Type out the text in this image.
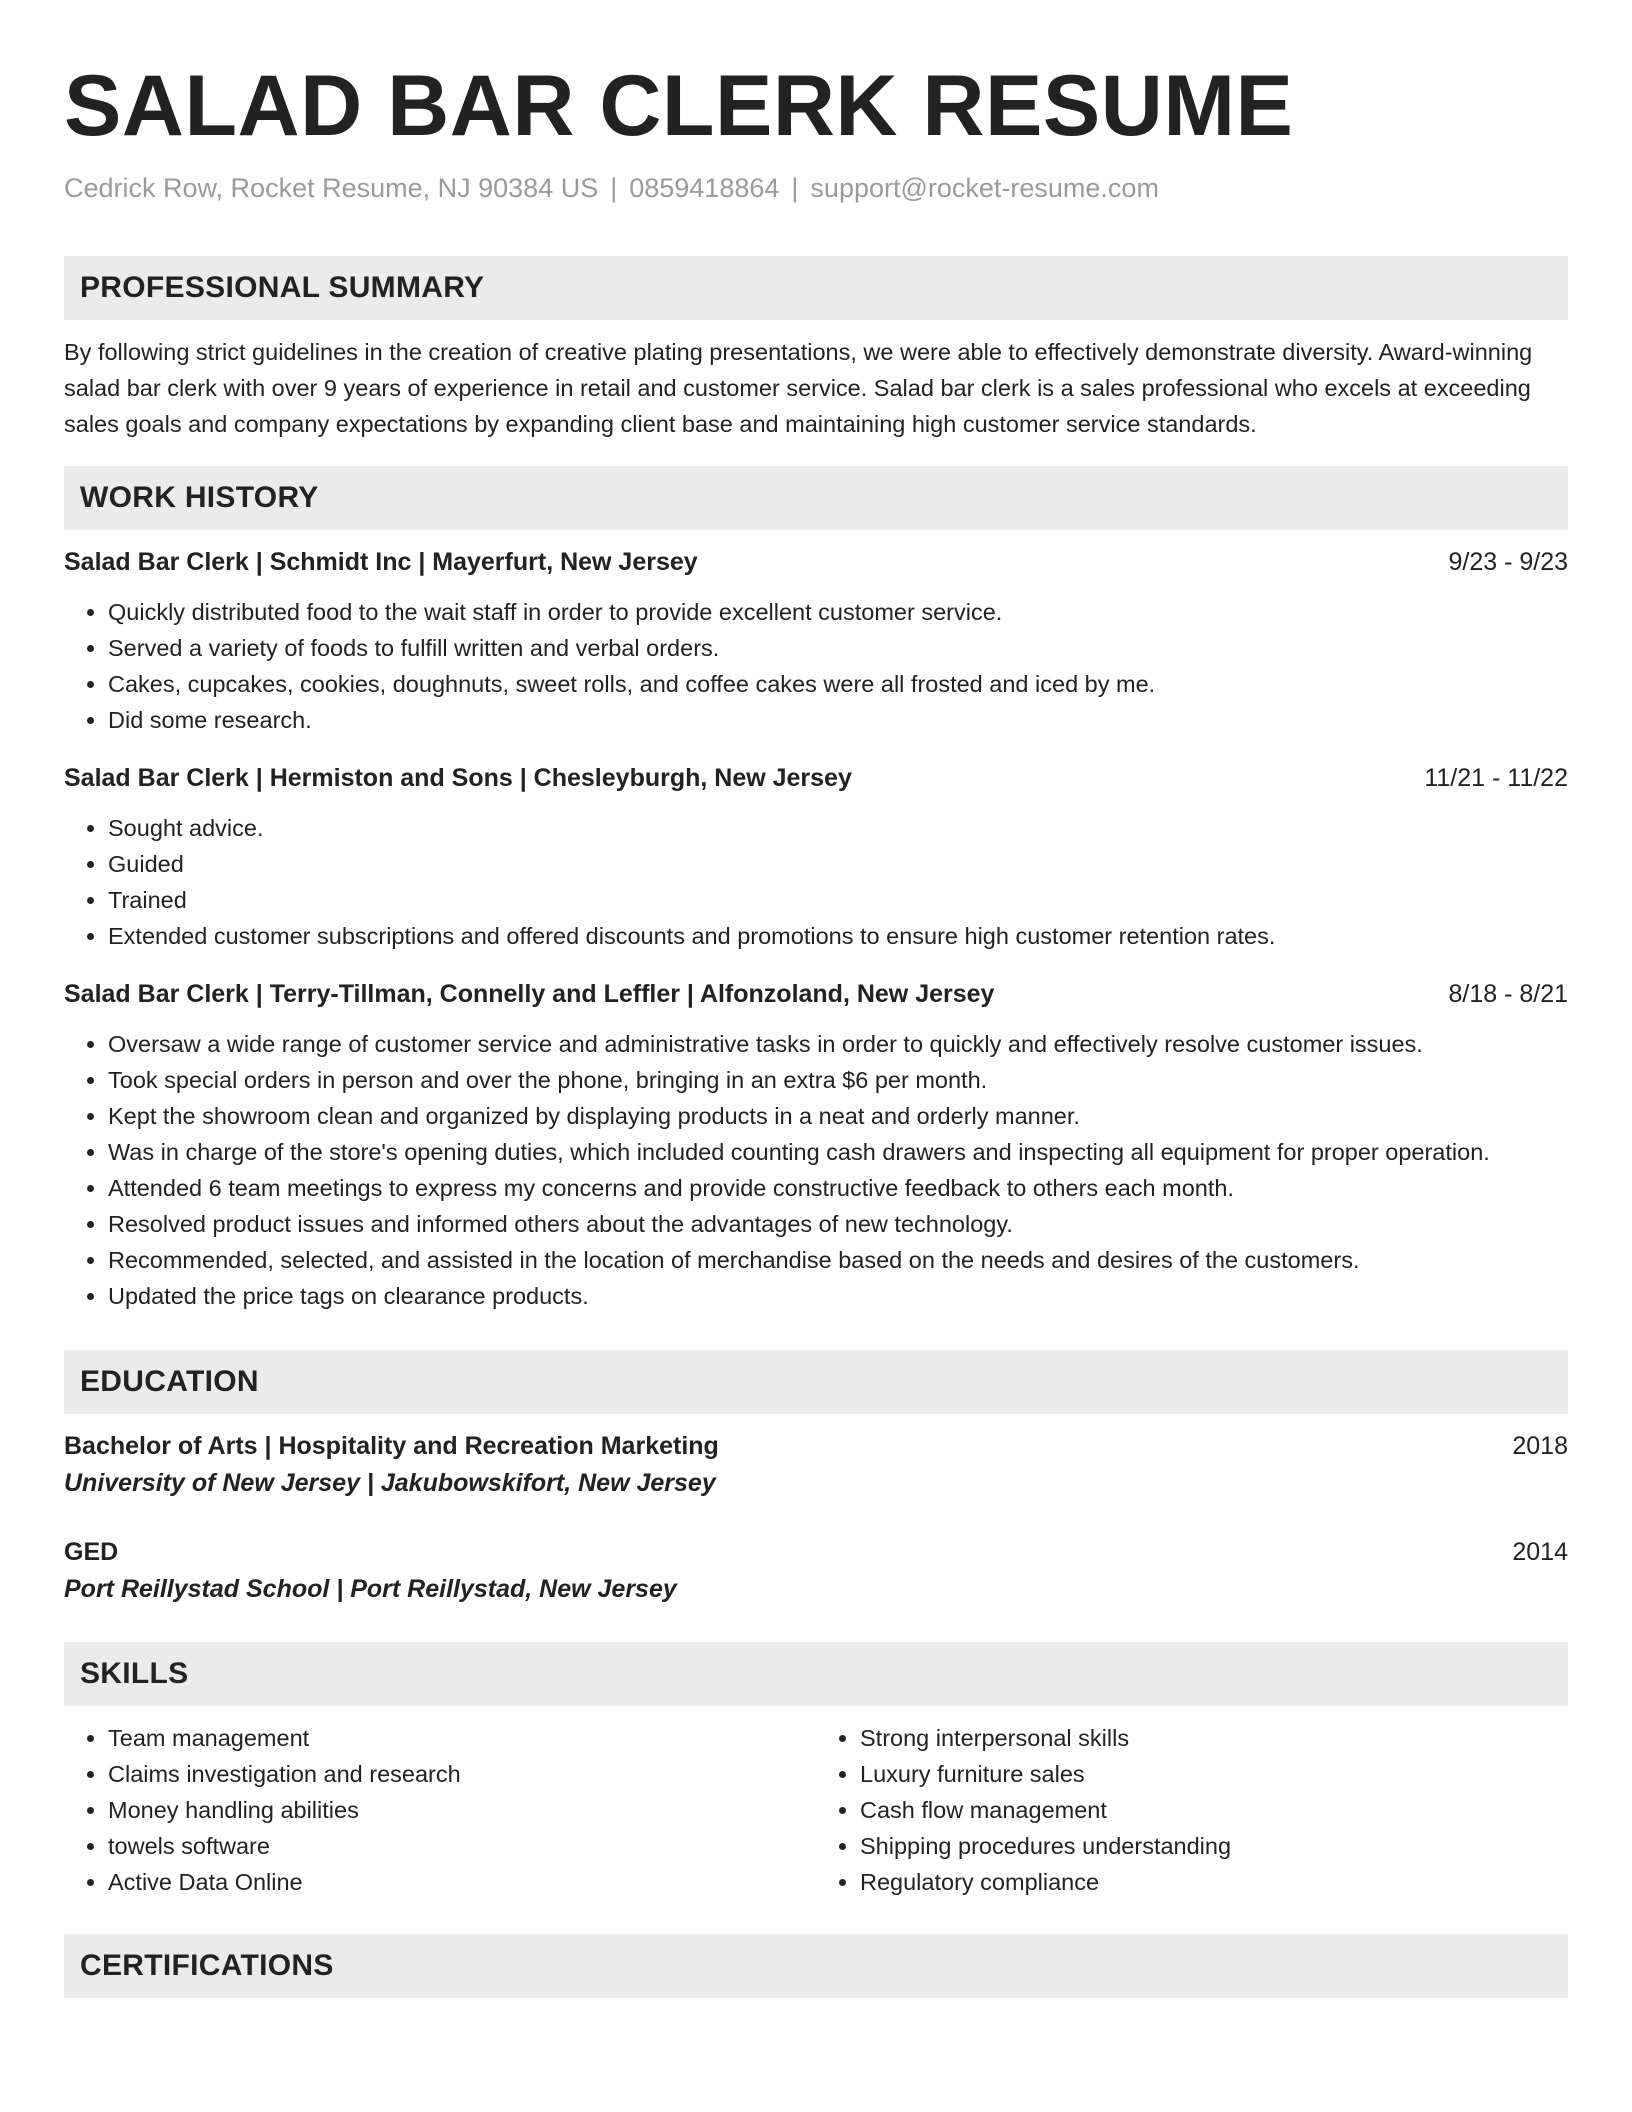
SALAD BAR CLERK RESUME
Cedrick Row, Rocket Resume, NJ 90384 US | 0859418864 | support@rocket-resume.com
PROFESSIONAL SUMMARY

By following strict guidelines in the creation of creative plating presentations, we were able to effectively demonstrate diversity. Award-winning salad bar clerk with over 9 years of experience in retail and customer service. Salad bar clerk is a sales professional who excels at exceeding sales goals and company expectations by expanding client base and maintaining high customer service standards.

WORK HISTORY
Salad Bar Clerk | Schmidt Inc | Mayerfurt, New Jersey	9/23 - 9/23
• Quickly distributed food to the wait staff in order to provide excellent customer service.
• Served a variety of foods to fulfill written and verbal orders.
• Cakes, cupcakes, cookies, doughnuts, sweet rolls, and coffee cakes were all frosted and iced by me.
• Did some research.
Salad Bar Clerk | Hermiston and Sons | Chesleyburgh, New Jersey	11/21 - 11/22
• Sought advice.
• Guided
• Trained
• Extended customer subscriptions and offered discounts and promotions to ensure high customer retention rates.
Salad Bar Clerk | Terry-Tillman, Connelly and Leffler | Alfonzoland, New Jersey	8/18 - 8/21
• Oversaw a wide range of customer service and administrative tasks in order to quickly and effectively resolve customer issues.
• Took special orders in person and over the phone, bringing in an extra $6 per month.
• Kept the showroom clean and organized by displaying products in a neat and orderly manner.
• Was in charge of the store's opening duties, which included counting cash drawers and inspecting all equipment for proper operation.
• Attended 6 team meetings to express my concerns and provide constructive feedback to others each month.
• Resolved product issues and informed others about the advantages of new technology.
• Recommended, selected, and assisted in the location of merchandise based on the needs and desires of the customers.
• Updated the price tags on clearance products.
EDUCATION
Bachelor of Arts | Hospitality and Recreation Marketing	2018
University of New Jersey | Jakubowskifort, New Jersey
GED	2014
Port Reillystad School | Port Reillystad, New Jersey
SKILLS
• Team management
• Claims investigation and research
• Money handling abilities
• towels software
• Active Data Online
• Strong interpersonal skills
• Luxury furniture sales
• Cash flow management
• Shipping procedures understanding
• Regulatory compliance
CERTIFICATIONS
